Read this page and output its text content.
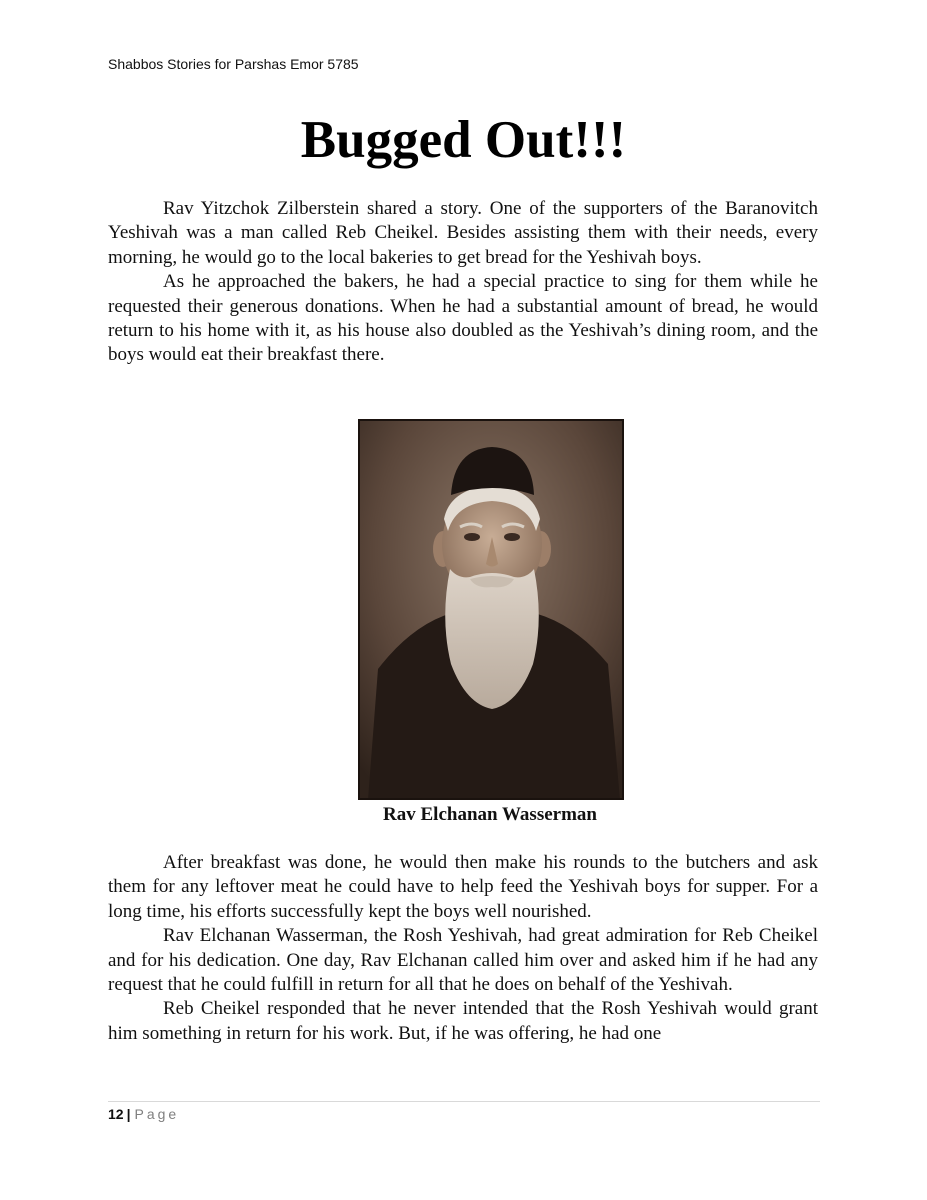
Shabbos Stories for Parshas Emor 5785
Bugged Out!!!

Rav Yitzchok Zilberstein shared a story. One of the supporters of the Baranovitch Yeshivah was a man called Reb Cheikel. Besides assisting them with their needs, every morning, he would go to the local bakeries to get bread for the Yeshivah boys.

As he approached the bakers, he had a special practice to sing for them while he requested their generous donations. When he had a substantial amount of bread, he would return to his home with it, as his house also doubled as the Yeshivah’s dining room, and the boys would eat their breakfast there.

Rav Elchanan Wasserman

After breakfast was done, he would then make his rounds to the butchers and ask them for any leftover meat he could have to help feed the Yeshivah boys for supper. For a long time, his efforts successfully kept the boys well nourished.

Rav Elchanan Wasserman, the Rosh Yeshivah, had great admiration for Reb Cheikel and for his dedication. One day, Rav Elchanan called him over and asked him if he had any request that he could fulfill in return for all that he does on behalf of the Yeshivah.

Reb Cheikel responded that he never intended that the Rosh Yeshivah would grant him something in return for his work. But, if he was offering, he had one

12 | Page
